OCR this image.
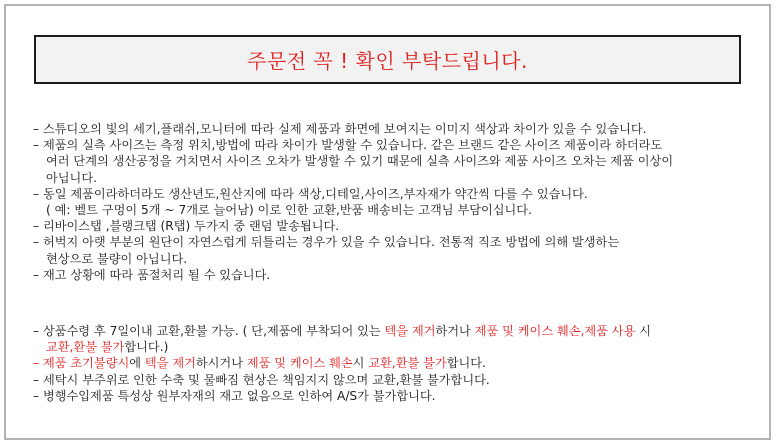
주문전 꼭 ! 확인 부탁드립니다.
– 스튜디오의 빛의 세기,플래쉬,모니터에 따라 실제 제품과 화면에 보여지는 이미지 색상과 차이가 있을 수 있습니다.
– 제품의 실측 사이즈는 측정 위치,방법에 따라 차이가 발생할 수 있습니다. 같은 브랜드 같은 사이즈 제품이라 하더라도
여러 단계의 생산공정을 거치면서 사이즈 오차가 발생할 수 있기 때문에 실측 사이즈와 제품 사이즈 오차는 제품 이상이
아닙니다.
– 동일 제품이라하더라도 생산년도,원산지에 따라 색상,디테일,사이즈,부자재가 약간씩 다를 수 있습니다.
( 예: 벨트 구멍이 5개 ~ 7개로 늘어남) 이로 인한 교환,반품 배송비는 고객님 부담이십니다.
– 리바이스탭 ,블랭크탭 (R탭) 두가지 중 랜덤 발송됩니다.
– 허벅지 아랫 부분의 원단이 자연스럽게 뒤틀리는 경우가 있을 수 있습니다. 전통적 직조 방법에 의해 발생하는
현상으로 불량이 아닙니다.
– 재고 상황에 따라 품절처리 될 수 있습니다.
– 상품수령 후 7일이내 교환,환불 가능. ( 단,제품에 부착되어 있는 텍을 제거하거나 제품 및 케이스 훼손,제품 사용 시
교환,환불 불가합니다.)
– 제품 초기불량시에 텍을 제거하시거나 제품 및 케이스 훼손시 교환,환불 불가합니다.
– 세탁시 부주위로 인한 수축 및 물빠짐 현상은 책임지지 않으며 교환,환불 불가합니다.
– 병행수입제품 특성상 원부자재의 재고 없음으로 인하여 A/S가 불가합니다.
